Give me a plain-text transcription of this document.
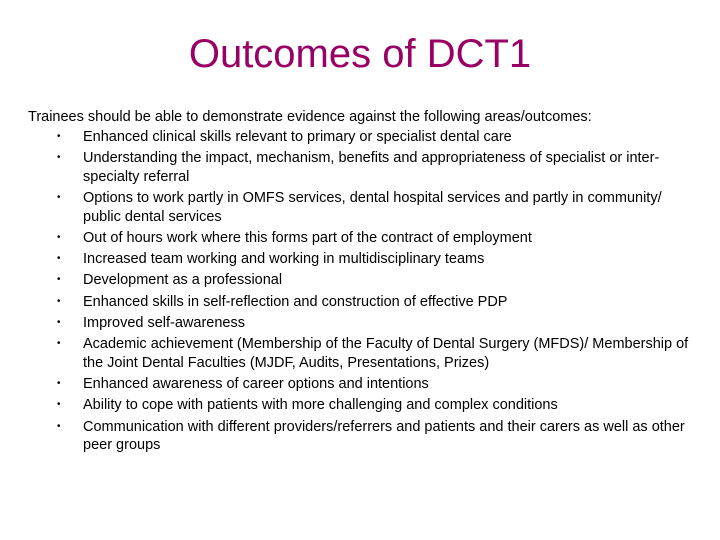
Outcomes of DCT1

Trainees should be able to demonstrate evidence against the following areas/outcomes:

• Enhanced clinical skills relevant to primary or specialist dental care
• Understanding the impact, mechanism, benefits and appropriateness of specialist or inter-specialty referral
• Options to work partly in OMFS services, dental hospital services and partly in community/ public dental services
• Out of hours work where this forms part of the contract of employment
• Increased team working and working in multidisciplinary teams
• Development as a professional
• Enhanced skills in self-reflection and construction of effective PDP
• Improved self-awareness
• Academic achievement (Membership of the Faculty of Dental Surgery (MFDS)/ Membership of the Joint Dental Faculties (MJDF, Audits, Presentations, Prizes)
• Enhanced awareness of career options and intentions
• Ability to cope with patients with more challenging and complex conditions
• Communication with different providers/referrers and patients and their carers as well as other peer groups
